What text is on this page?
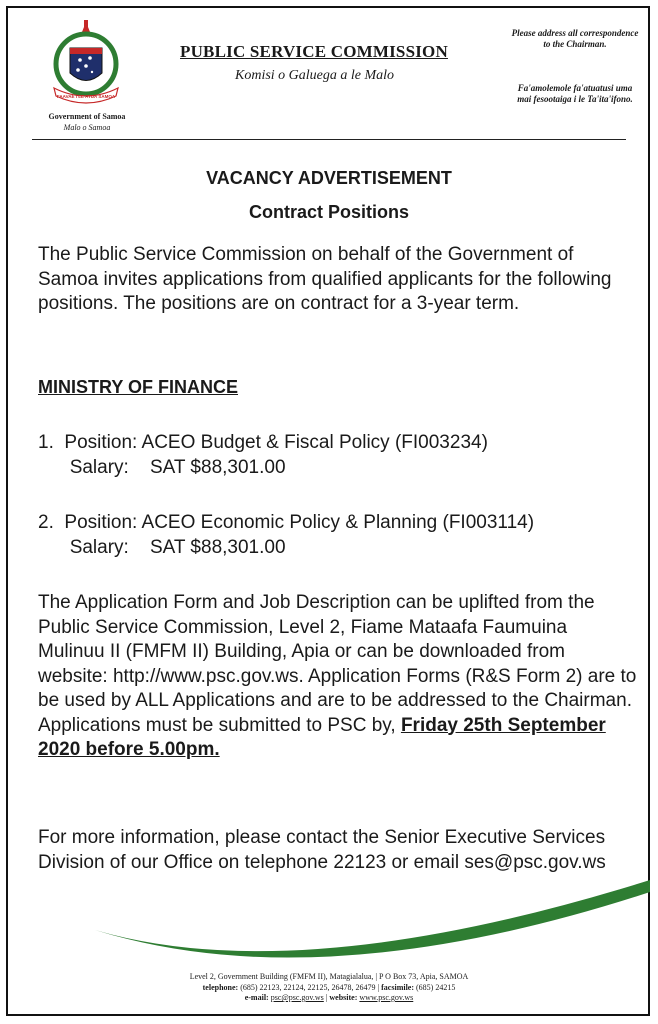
FAAVAE I LE ATUA SAMOA
Government of Samoa
Malo o Samoa
PUBLIC SERVICE COMMISSION
Komisi o Galuega a le Malo
Please address all correspondence to the Chairman.
Fa'amolemole fa'atuatusi uma mai fesootaiga i le Ta'ita'ifono.
VACANCY ADVERTISEMENT
Contract Positions
The Public Service Commission on behalf of the Government of Samoa invites applications from qualified applicants for the following positions. The positions are on contract for a 3-year term.
MINISTRY OF FINANCE
1. Position: ACEO Budget & Fiscal Policy (FI003234)
Salary: SAT $88,301.00
2. Position: ACEO Economic Policy & Planning (FI003114)
Salary: SAT $88,301.00
The Application Form and Job Description can be uplifted from the Public Service Commission, Level 2, Fiame Mataafa Faumuina Mulinuu II (FMFM II) Building, Apia or can be downloaded from website: http://www.psc.gov.ws. Application Forms (R&S Form 2) are to be used by ALL Applications and are to be addressed to the Chairman. Applications must be submitted to PSC by, Friday 25th September 2020 before 5.00pm.
For more information, please contact the Senior Executive Services Division of our Office on telephone 22123 or email ses@psc.gov.ws
Level 2, Government Building (FMFM II), Matagialalua, | P O Box 73, Apia, SAMOA
telephone: (685) 22123, 22124, 22125, 26478, 26479 | facsimile: (685) 24215
e-mail: psc@psc.gov.ws | website: www.psc.gov.ws
